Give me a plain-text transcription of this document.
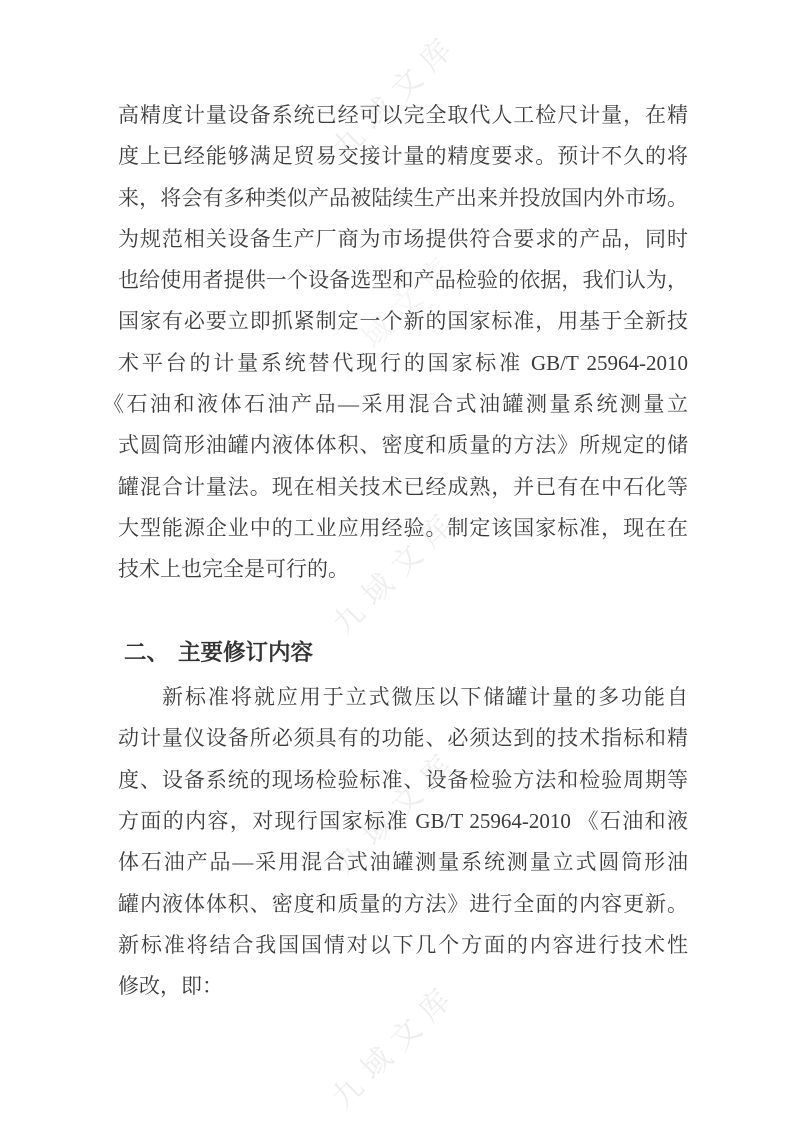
九域文库
九域文库
九域文库
九域文库
九域文库
高精度计量设备系统已经可以完全取代人工检尺计量，在精
度上已经能够满足贸易交接计量的精度要求。预计不久的将
来，将会有多种类似产品被陆续生产出来并投放国内外市场。
为规范相关设备生产厂商为市场提供符合要求的产品，同时
也给使用者提供一个设备选型和产品检验的依据，我们认为，
国家有必要立即抓紧制定一个新的国家标准，用基于全新技
术平台的计量系统替代现行的国家标准 GB/T 25964-2010
《石油和液体石油产品—采用混合式油罐测量系统测量立
式圆筒形油罐内液体体积、密度和质量的方法》所规定的储
罐混合计量法。现在相关技术已经成熟，并已有在中石化等
大型能源企业中的工业应用经验。制定该国家标准，现在在
技术上也完全是可行的。
二、 主要修订内容
新标准将就应用于立式微压以下储罐计量的多功能自
动计量仪设备所必须具有的功能、必须达到的技术指标和精
度、设备系统的现场检验标准、设备检验方法和检验周期等
方面的内容，对现行国家标准 GB/T 25964-2010 《石油和液
体石油产品—采用混合式油罐测量系统测量立式圆筒形油
罐内液体体积、密度和质量的方法》进行全面的内容更新。
新标准将结合我国国情对以下几个方面的内容进行技术性
修改，即：
